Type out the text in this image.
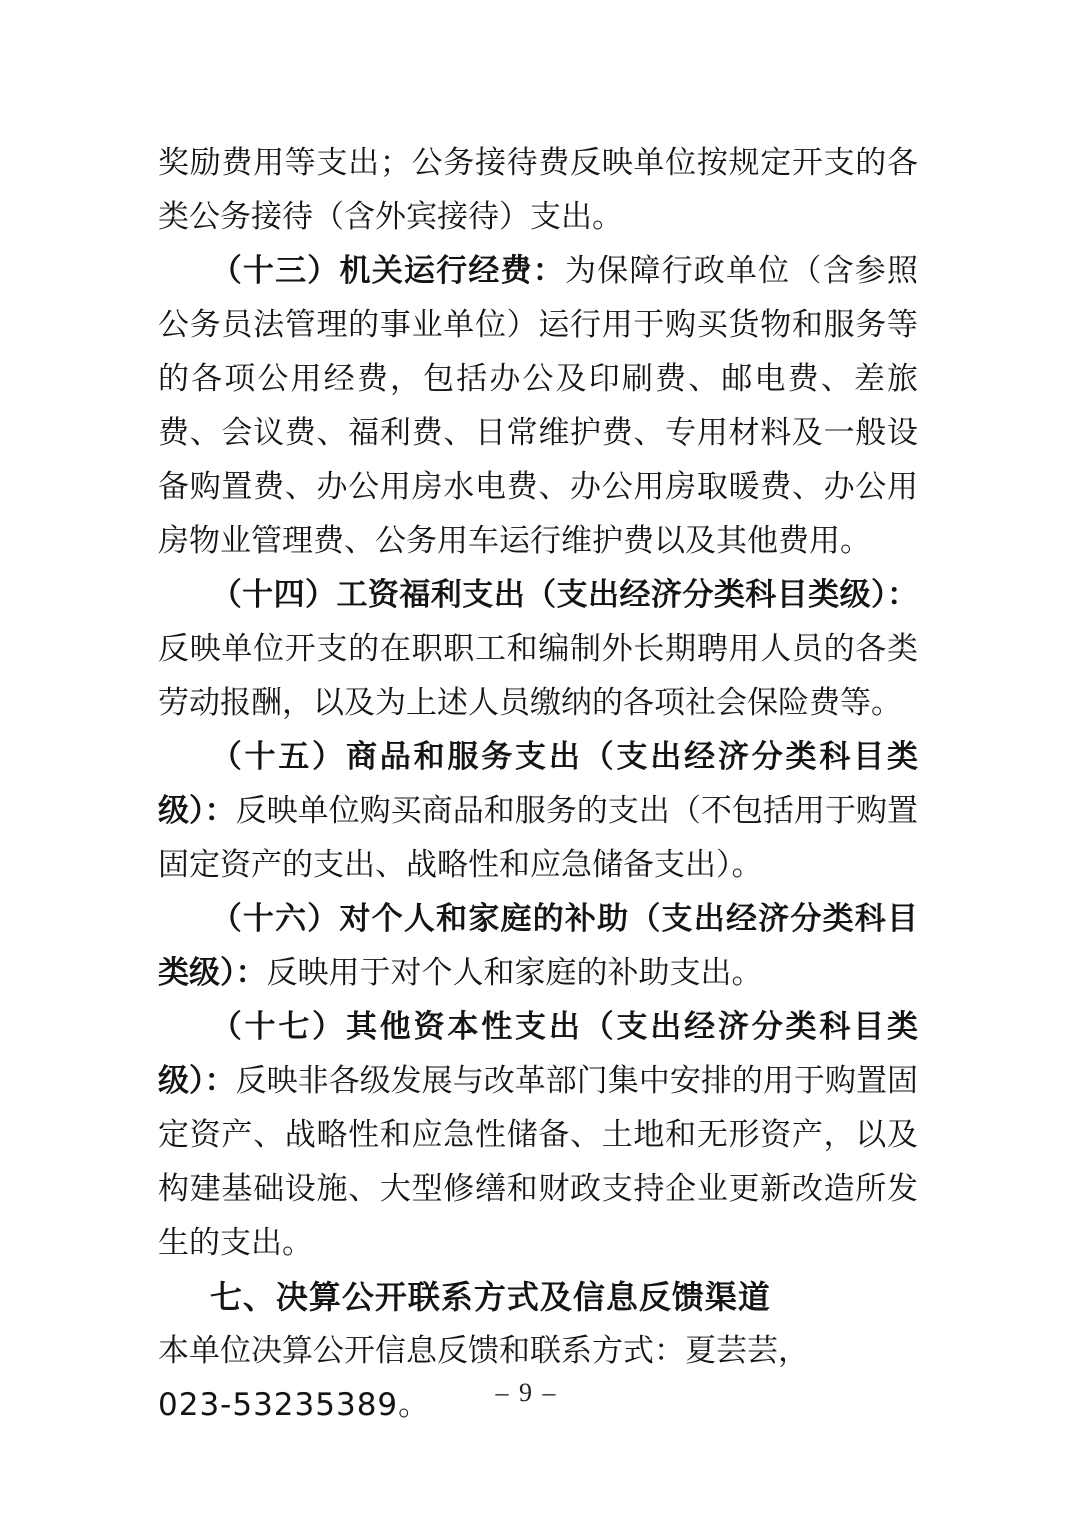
奖励费用等支出；公务接待费反映单位按规定开支的各类公务接待（含外宾接待）支出。

（十三）机关运行经费：为保障行政单位（含参照公务员法管理的事业单位）运行用于购买货物和服务等的各项公用经费，包括办公及印刷费、邮电费、差旅费、会议费、福利费、日常维护费、专用材料及一般设备购置费、办公用房水电费、办公用房取暖费、办公用房物业管理费、公务用车运行维护费以及其他费用。

（十四）工资福利支出（支出经济分类科目类级）：反映单位开支的在职职工和编制外长期聘用人员的各类劳动报酬，以及为上述人员缴纳的各项社会保险费等。

（十五）商品和服务支出（支出经济分类科目类级）：反映单位购买商品和服务的支出（不包括用于购置固定资产的支出、战略性和应急储备支出）。

（十六）对个人和家庭的补助（支出经济分类科目类级）：反映用于对个人和家庭的补助支出。

（十七）其他资本性支出（支出经济分类科目类级）：反映非各级发展与改革部门集中安排的用于购置固定资产、战略性和应急性储备、土地和无形资产，以及构建基础设施、大型修缮和财政支持企业更新改造所发生的支出。

七、决算公开联系方式及信息反馈渠道

本单位决算公开信息反馈和联系方式：夏芸芸，023-53235389。	– 9 –
